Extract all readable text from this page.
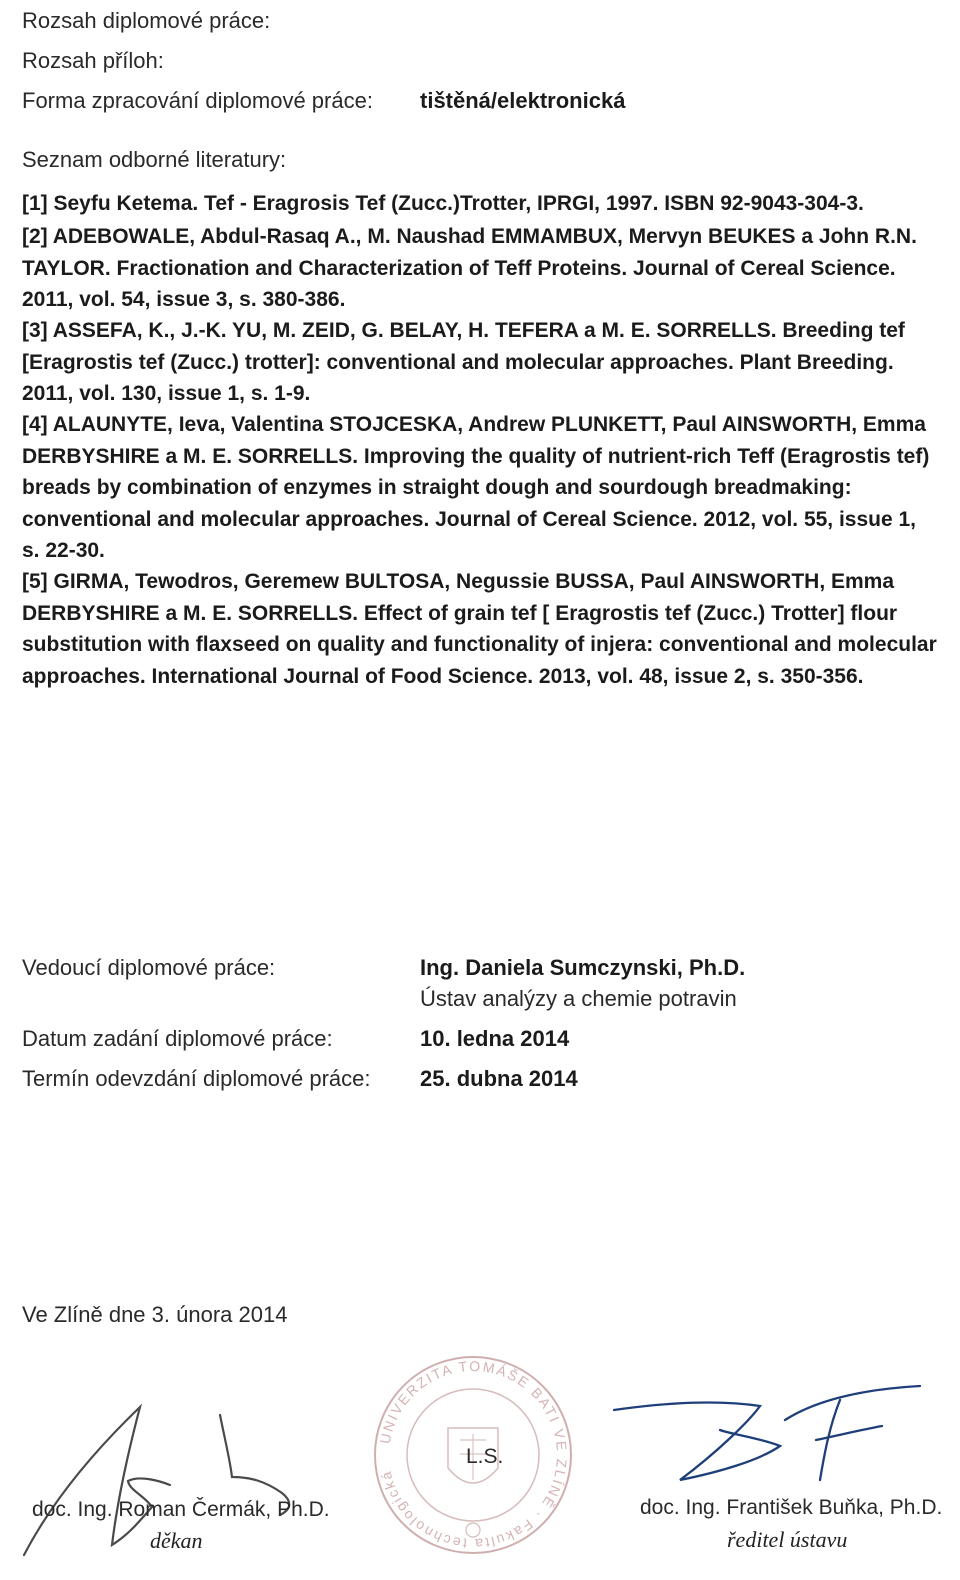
Rozsah diplomové práce:
Rozsah příloh:
Forma zpracování diplomové práce: tištěná/elektronická
Seznam odborné literatury:
[1] Seyfu Ketema. Tef - Eragrosis Tef (Zucc.)Trotter, IPRGI, 1997. ISBN 92-9043-304-3.
[2] ADEBOWALE, Abdul-Rasaq A., M. Naushad EMMAMBUX, Mervyn BEUKES a John R.N. TAYLOR. Fractionation and Characterization of Teff Proteins. Journal of Cereal Science. 2011, vol. 54, issue 3, s. 380-386.
[3] ASSEFA, K., J.-K. YU, M. ZEID, G. BELAY, H. TEFERA a M. E. SORRELLS. Breeding tef [Eragrostis tef (Zucc.) trotter]: conventional and molecular approaches. Plant Breeding. 2011, vol. 130, issue 1, s. 1-9.
[4] ALAUNYTE, Ieva, Valentina STOJCESKA, Andrew PLUNKETT, Paul AINSWORTH, Emma DERBYSHIRE a M. E. SORRELLS. Improving the quality of nutrient-rich Teff (Eragrostis tef) breads by combination of enzymes in straight dough and sourdough breadmaking: conventional and molecular approaches. Journal of Cereal Science. 2012, vol. 55, issue 1, s. 22-30.
[5] GIRMA, Tewodros, Geremew BULTOSA, Negussie BUSSA, Paul AINSWORTH, Emma DERBYSHIRE a M. E. SORRELLS. Effect of grain tef [ Eragrostis tef (Zucc.) Trotter] flour substitution with flaxseed on quality and functionality of injera: conventional and molecular approaches. International Journal of Food Science. 2013, vol. 48, issue 2, s. 350-356.
Vedoucí diplomové práce:	Ing. Daniela Sumczynski, Ph.D.
Ústav analýzy a chemie potravin
Datum zadání diplomové práce:	10. ledna 2014
Termín odevzdání diplomové práce: 25. dubna 2014
Ve Zlíně dne 3. února 2014
UNIVERZITA TOMÁŠE BATI VE ZLÍNĚ · Fakulta technologická
L.S.
doc. Ing. Roman Čermák, Ph.D.
děkan
doc. Ing. František Buňka, Ph.D.
ředitel ústavu
